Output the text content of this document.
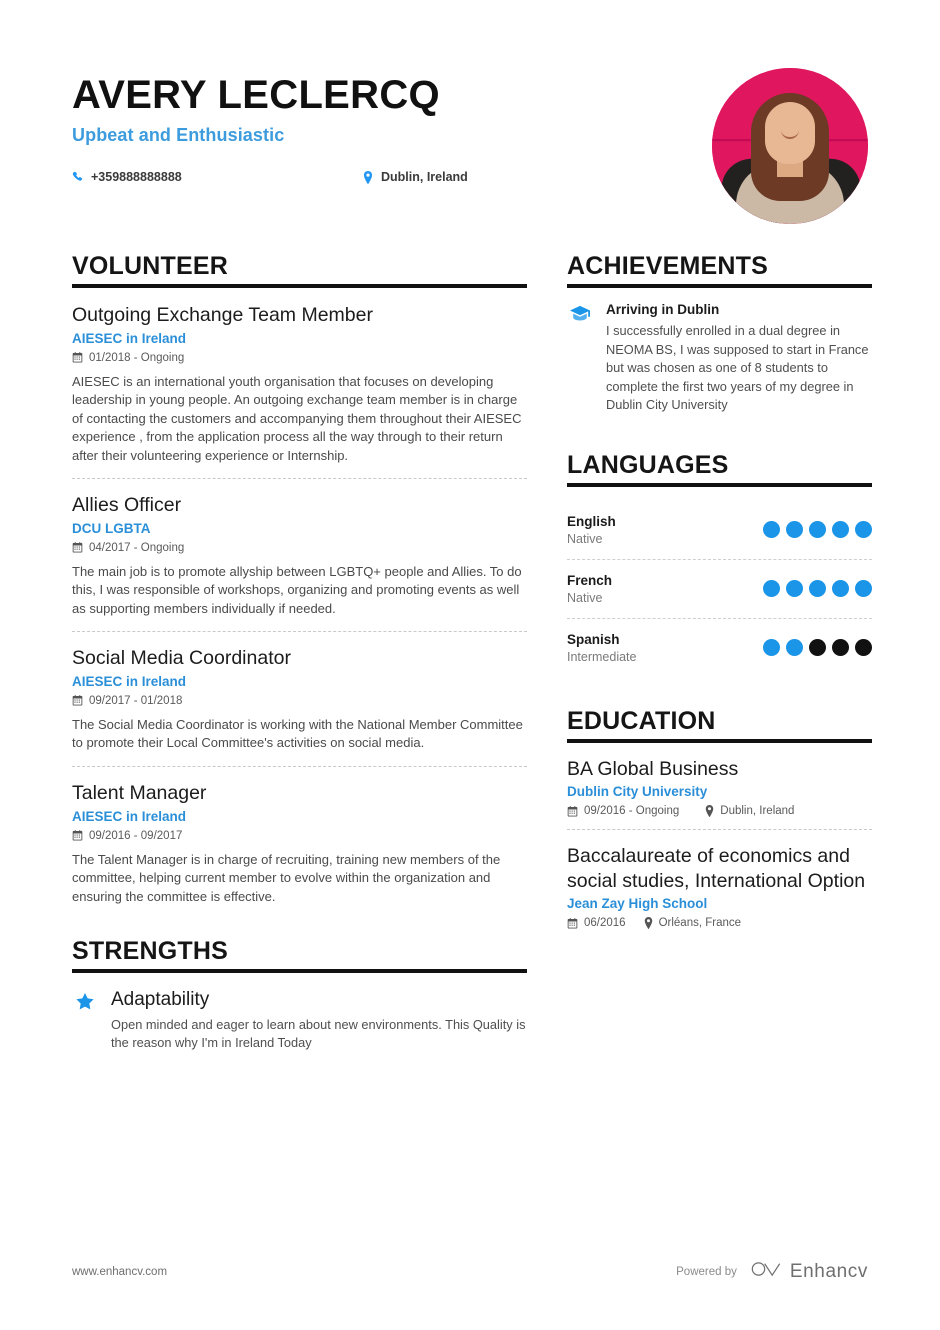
AVERY LECLERCQ
Upbeat and Enthusiastic
+359888888888	Dublin, Ireland
VOLUNTEER
Outgoing Exchange Team Member
AIESEC in Ireland
01/2018 - Ongoing
AIESEC is an international youth organisation that focuses on developing leadership in young people. An outgoing exchange team member is in charge of contacting the customers and accompanying them throughout their AIESEC experience , from the application process all the way through to their return after their volunteering experience or Internship.
Allies Officer
DCU LGBTA
04/2017 - Ongoing
The main job is to promote allyship between LGBTQ+ people and Allies. To do this, I was responsible of workshops, organizing and promoting events as well as supporting members individually if needed.
Social Media Coordinator
AIESEC in Ireland
09/2017 - 01/2018
The Social Media Coordinator is working with the National Member Committee to promote their Local Committee's activities on social media.
Talent Manager
AIESEC in Ireland
09/2016 - 09/2017
The Talent Manager is in charge of recruiting, training new members of the committee, helping current member to evolve within the organization and ensuring the committee is effective.
STRENGTHS
Adaptability
Open minded and eager to learn about new environments. This Quality is the reason why I'm in Ireland Today
ACHIEVEMENTS
Arriving in Dublin
I successfully enrolled in a dual degree in NEOMA BS, I was supposed to start in France but was chosen as one of 8 students to complete the first two years of my degree in Dublin City University
LANGUAGES
English
Native
French
Native
Spanish
Intermediate
EDUCATION
BA Global Business
Dublin City University
09/2016 - Ongoing	Dublin, Ireland
Baccalaureate of economics and social studies, International Option
Jean Zay High School
06/2016	Orléans, France
www.enhancv.com	Powered by	Enhancv
